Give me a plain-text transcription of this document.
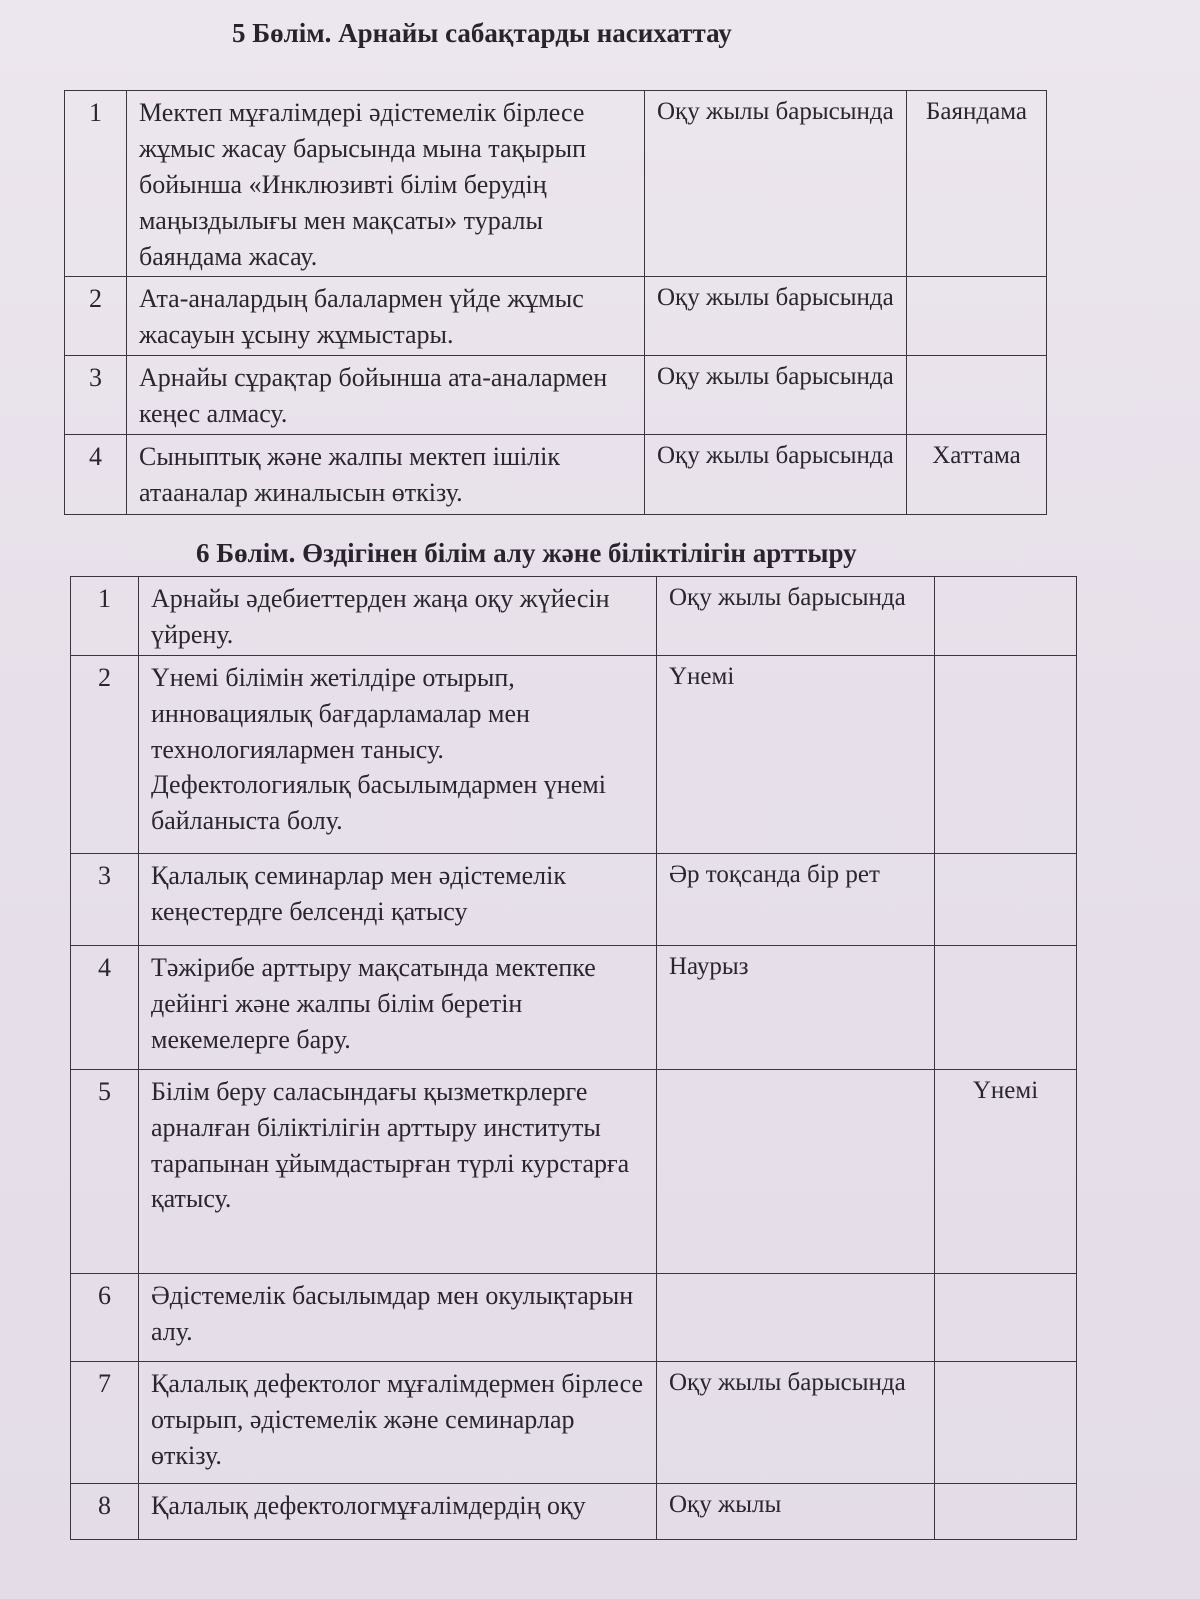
5 Бөлім. Арнайы сабақтарды насихаттау
1	Мектеп мұғалімдері әдістемелік бірлесе жұмыс жасау барысында мына тақырып бойынша «Инклюзивті білім берудің маңыздылығы мен мақсаты» туралы баяндама жасау.	Оқу жылы барысында	Баяндама
2	Ата-аналардың балалармен үйде жұмыс жасауын ұсыну жұмыстары.	Оқу жылы барысында	
3	Арнайы сұрақтар бойынша ата-аналармен кеңес алмасу.	Оқу жылы барысында	
4	Сыныптық және жалпы мектеп ішілік атааналар жиналысын өткізу.	Оқу жылы барысында	Хаттама
6 Бөлім. Өздігінен білім алу және біліктілігін арттыру
1	Арнайы әдебиеттерден жаңа оқу жүйесін үйрену.	Оқу жылы барысында	
2	Үнемі білімін жетілдіре отырып, инновациялық бағдарламалар мен технологиялармен танысу. Дефектологиялық басылымдармен үнемі байланыста болу.	Үнемі	
3	Қалалық семинарлар мен әдістемелік кеңестердге белсенді қатысу	Әр тоқсанда бір рет	
4	Тәжірибе арттыру мақсатында мектепке дейінгі және жалпы білім беретін мекемелерге бару.	Наурыз	
5	Білім беру саласындағы қызметкрлерге арналған біліктілігін арттыру институты тарапынан ұйымдастырған түрлі курстарға қатысу.		Үнемі
6	Әдістемелік басылымдар мен окулықтарын алу.		
7	Қалалық дефектолог мұғалімдермен бірлесе отырып, әдістемелік және семинарлар өткізу.	Оқу жылы барысында	
8	Қалалық дефектологмұғалімдердің оқу	Оқу жылы	
